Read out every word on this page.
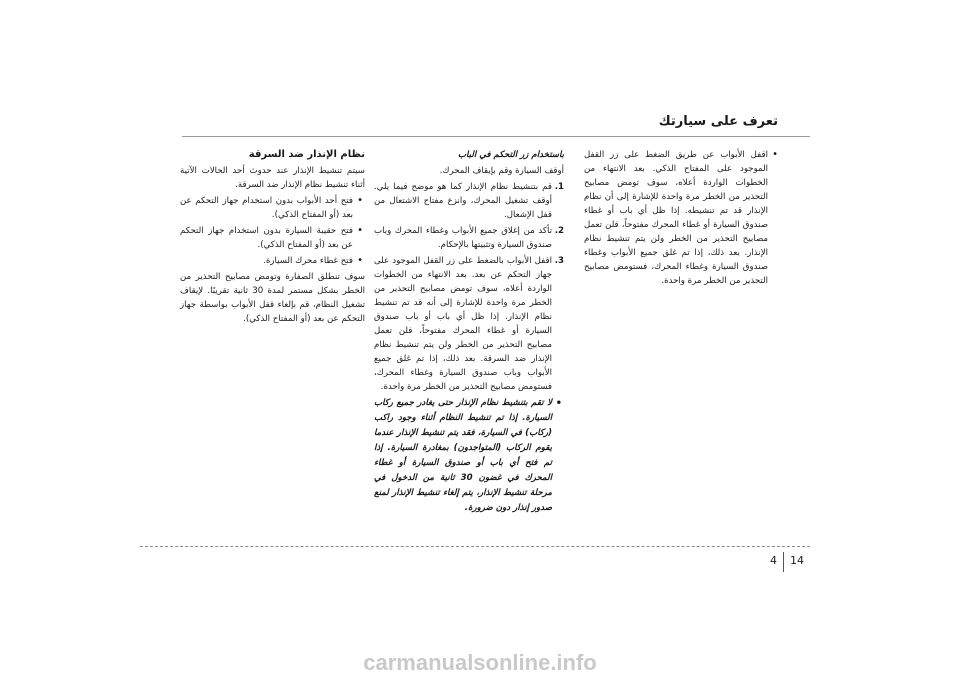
تعرف على سيارتك

• اقفل الأبواب عن طريق الضغط على زر القفل الموجود على المفتاح الذكي. بعد الانتهاء من الخطوات الواردة أعلاه، سوف تومض مصابيح التحذير من الخطر مرة واحدة للإشارة إلى أن نظام الإنذار قد تم تنشيطه. إذا ظل أي باب أو غطاء صندوق السيارة أو غطاء المحرك مفتوحاً، فلن تعمل مصابيح التحذير من الخطر ولن يتم تنشيط نظام الإنذار. بعد ذلك، إذا تم غلق جميع الأبواب وغطاء صندوق السيارة وغطاء المحرك، فستومض مصابيح التحذير من الخطر مرة واحدة.

باستخدام زر التحكم في الباب

أوقف السيارة وقم بإيقاف المحرك.

1.
قم بتنشيط نظام الإنذار كما هو موضح فيما يلي. أوقف تشغيل المحرك، وانزع مفتاح الاشتعال من قفل الإشعال.

2.
تأكد من إغلاق جميع الأبواب وغطاء المحرك وباب صندوق السيارة وتثبيتها بالإحكام.

3.
اقفل الأبواب بالضغط على زر القفل الموجود على جهاز التحكم عن بعد. بعد الانتهاء من الخطوات الواردة أعلاه، سوف تومض مصابيح التحذير من الخطر مرة واحدة للإشارة إلى أنه قد تم تنشيط نظام الإنذار. إذا ظل أي باب أو باب صندوق السيارة أو غطاء المحرك مفتوحاً، فلن تعمل مصابيح التحذير من الخطر ولن يتم تنشيط نظام الإنذار ضد السرقة. بعد ذلك، إذا تم غلق جميع الأبواب وباب صندوق السيارة وغطاء المحرك، فستومض مصابيح التحذير من الخطر مرة واحدة.

• لا تقم بتنشيط نظام الإنذار حتى يغادر جميع ركاب السيارة. إذا تم تنشيط النظام أثناء وجود راكب (ركاب) في السيارة، فقد يتم تنشيط الإنذار عندما يقوم الركاب (المتواجدون) بمغادرة السيارة. إذا تم فتح أي باب أو صندوق السيارة أو غطاء المحرك في غضون 30 ثانية من الدخول في مرحلة تنشيط الإنذار، يتم إلغاء تنشيط الإنذار لمنع صدور إنذار دون ضرورة.

نظام الإنذار ضد السرقة

سيتم تنشيط الإنذار عند حدوث أحد الحالات الآتية أثناء تنشيط نظام الإنذار ضد السرقة.

• فتح أحد الأبواب بدون استخدام جهاز التحكم عن بعد (أو المفتاح الذكي).

• فتح حقيبة السيارة بدون استخدام جهاز التحكم عن بعد (أو المفتاح الذكي).

• فتح غطاء محرك السيارة.

سوف تنطلق الصفارة وتومض مصابيح التحذير من الخطر بشكل مستمر لمدة 30 ثانية تقريبًا. لإيقاف تشغيل النظام، قم بإلغاء قفل الأبواب بواسطة جهاز التحكم عن بعد (أو المفتاح الذكي).

4 14
carmanualsonline.info
